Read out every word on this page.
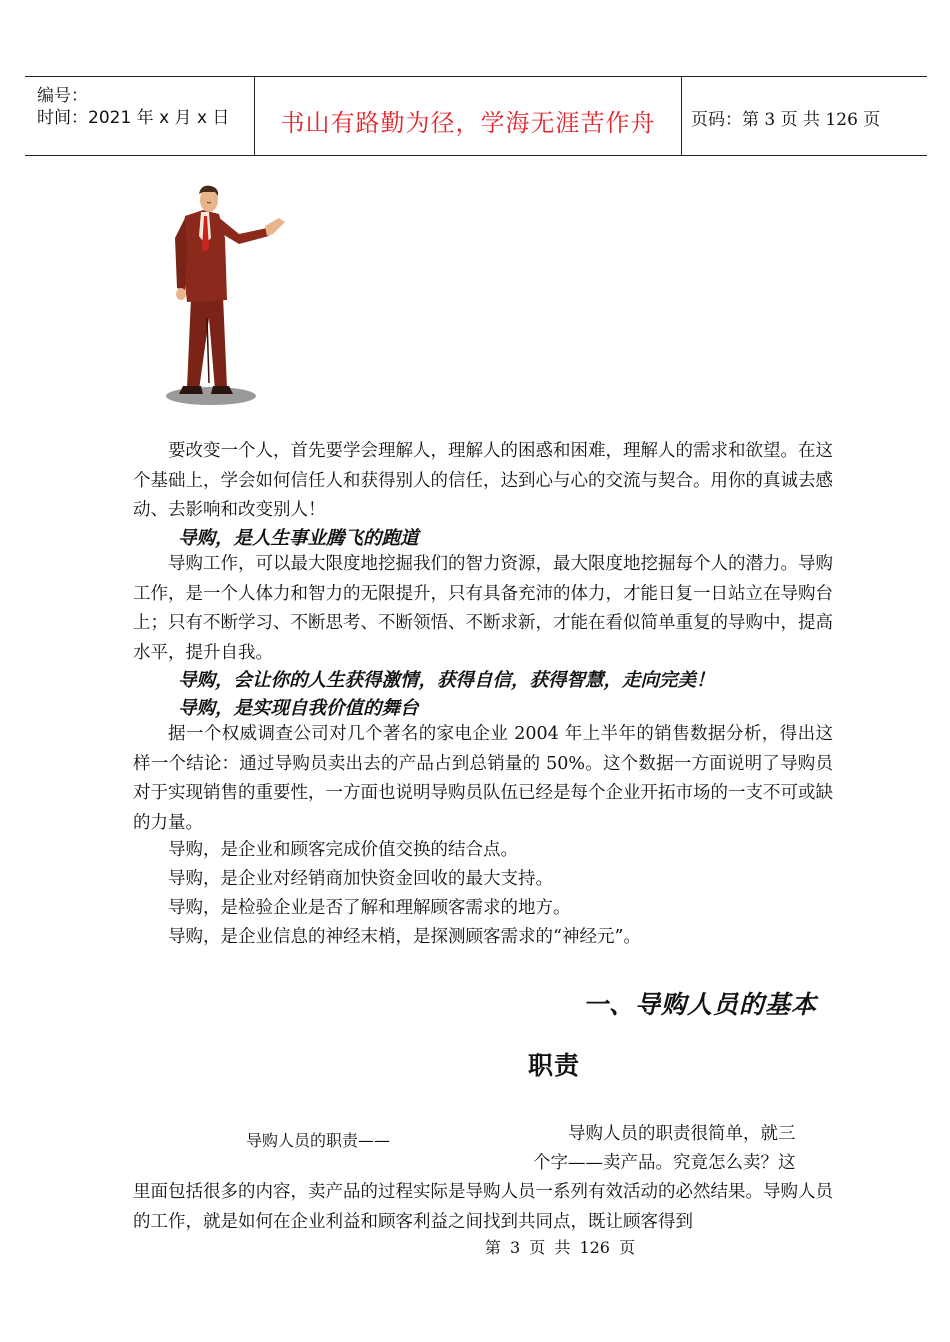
编号：
时间：2021 年 x 月 x 日	书山有路勤为径，学海无涯苦作舟	页码：第 3 页 共 126 页
要改变一个人，首先要学会理解人，理解人的困惑和困难，理解人的需求和欲望。在这个基础上，学会如何信任人和获得别人的信任，达到心与心的交流与契合。用你的真诚去感动、去影响和改变别人！
导购，是人生事业腾飞的跑道
导购工作，可以最大限度地挖掘我们的智力资源，最大限度地挖掘每个人的潜力。导购工作，是一个人体力和智力的无限提升，只有具备充沛的体力，才能日复一日站立在导购台上；只有不断学习、不断思考、不断领悟、不断求新，才能在看似简单重复的导购中，提高水平，提升自我。
导购，会让你的人生获得激情，获得自信，获得智慧，走向完美！
导购，是实现自我价值的舞台
据一个权威调查公司对几个著名的家电企业 2004 年上半年的销售数据分析，得出这样一个结论：通过导购员卖出去的产品占到总销量的 50%。这个数据一方面说明了导购员对于实现销售的重要性，一方面也说明导购员队伍已经是每个企业开拓市场的一支不可或缺的力量。
导购，是企业和顾客完成价值交换的结合点。
导购，是企业对经销商加快资金回收的最大支持。
导购，是检验企业是否了解和理解顾客需求的地方。
导购，是企业信息的神经末梢，是探测顾客需求的“神经元”。
一、导购人员的基本
职责
导购人员的职责——	导购人员的职责很简单，就三
个字——卖产品。究竟怎么卖？这
里面包括很多的内容，卖产品的过程实际是导购人员一系列有效活动的必然结果。导购人员的工作，就是如何在企业利益和顾客利益之间找到共同点，既让顾客得到
第 3 页 共 126 页
